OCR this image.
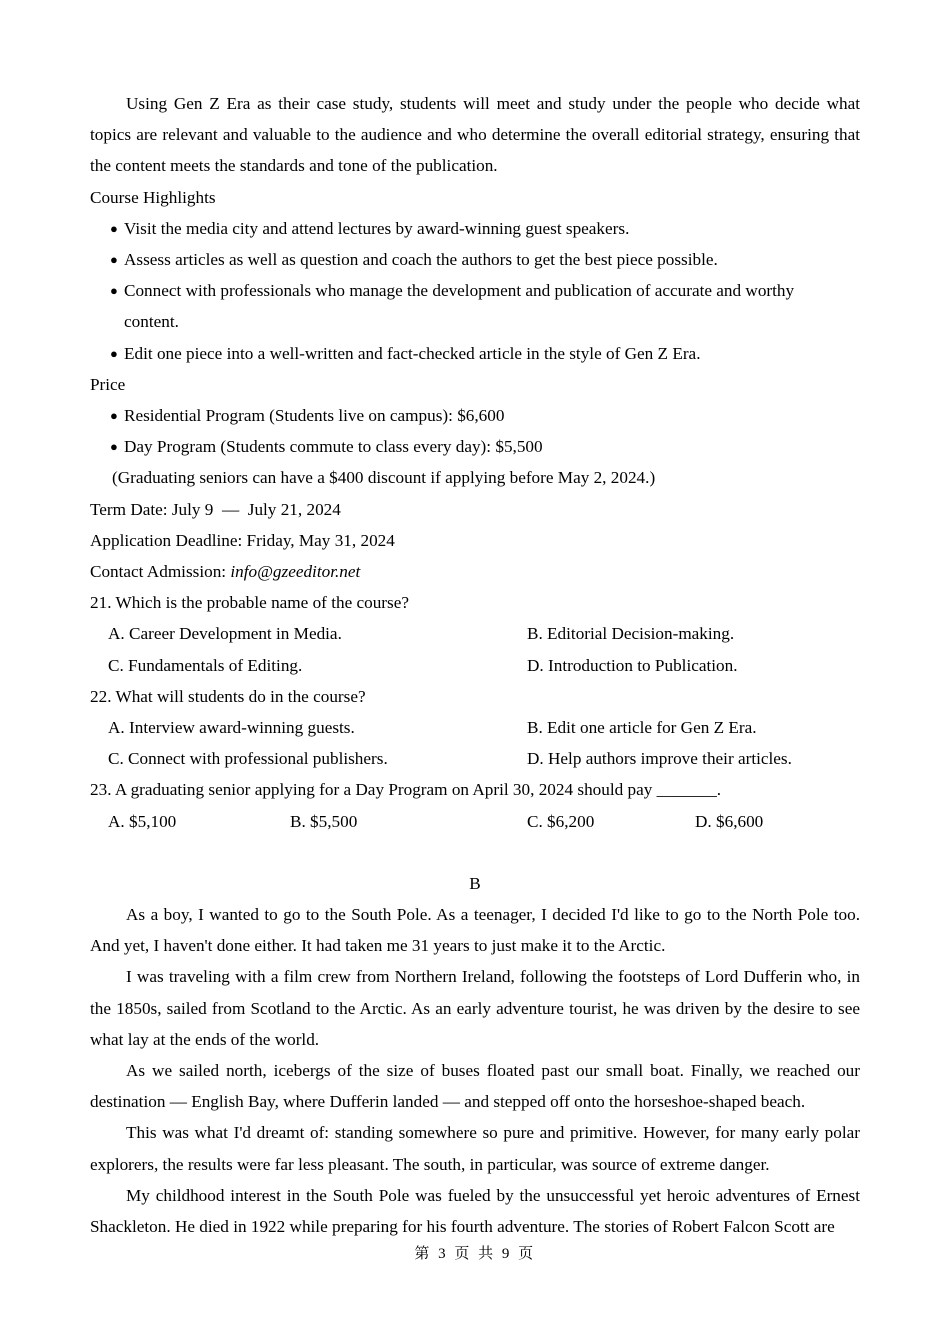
Using Gen Z Era as their case study, students will meet and study under the people who decide what topics are relevant and valuable to the audience and who determine the overall editorial strategy, ensuring that the content meets the standards and tone of the publication.

Course Highlights

● Visit the media city and attend lectures by award-winning guest speakers.
● Assess articles as well as question and coach the authors to get the best piece possible.
● Connect with professionals who manage the development and publication of accurate and worthy
content.
● Edit one piece into a well-written and fact-checked article in the style of Gen Z Era.

Price

● Residential Program (Students live on campus): $6,600
● Day Program (Students commute to class every day): $5,500

(Graduating seniors can have a $400 discount if applying before May 2, 2024.)

Term Date: July 9  —  July 21, 2024

Application Deadline: Friday, May 31, 2024

Contact Admission: info@gzeeditor.net

21. Which is the probable name of the course?

A. Career Development in Media.	B. Editorial Decision-making.
C. Fundamentals of Editing.	D. Introduction to Publication.

22. What will students do in the course?

A. Interview award-winning guests.	B. Edit one article for Gen Z Era.
C. Connect with professional publishers.	D. Help authors improve their articles.

23. A graduating senior applying for a Day Program on April 30, 2024 should pay _______.

A. $5,100	B. $5,500	C. $6,200	D. $6,600

B

As a boy, I wanted to go to the South Pole. As a teenager, I decided I'd like to go to the North Pole too. And yet, I haven't done either. It had taken me 31 years to just make it to the Arctic.

I was traveling with a film crew from Northern Ireland, following the footsteps of Lord Dufferin who, in the 1850s, sailed from Scotland to the Arctic. As an early adventure tourist, he was driven by the desire to see what lay at the ends of the world.

As we sailed north, icebergs of the size of buses floated past our small boat. Finally, we reached our destination — English Bay, where Dufferin landed — and stepped off onto the horseshoe-shaped beach.

This was what I'd dreamt of: standing somewhere so pure and primitive. However, for many early polar explorers, the results were far less pleasant. The south, in particular, was source of extreme danger.

My childhood interest in the South Pole was fueled by the unsuccessful yet heroic adventures of Ernest Shackleton. He died in 1922 while preparing for his fourth adventure. The stories of Robert Falcon Scott are

第 3 页 共 9 页
